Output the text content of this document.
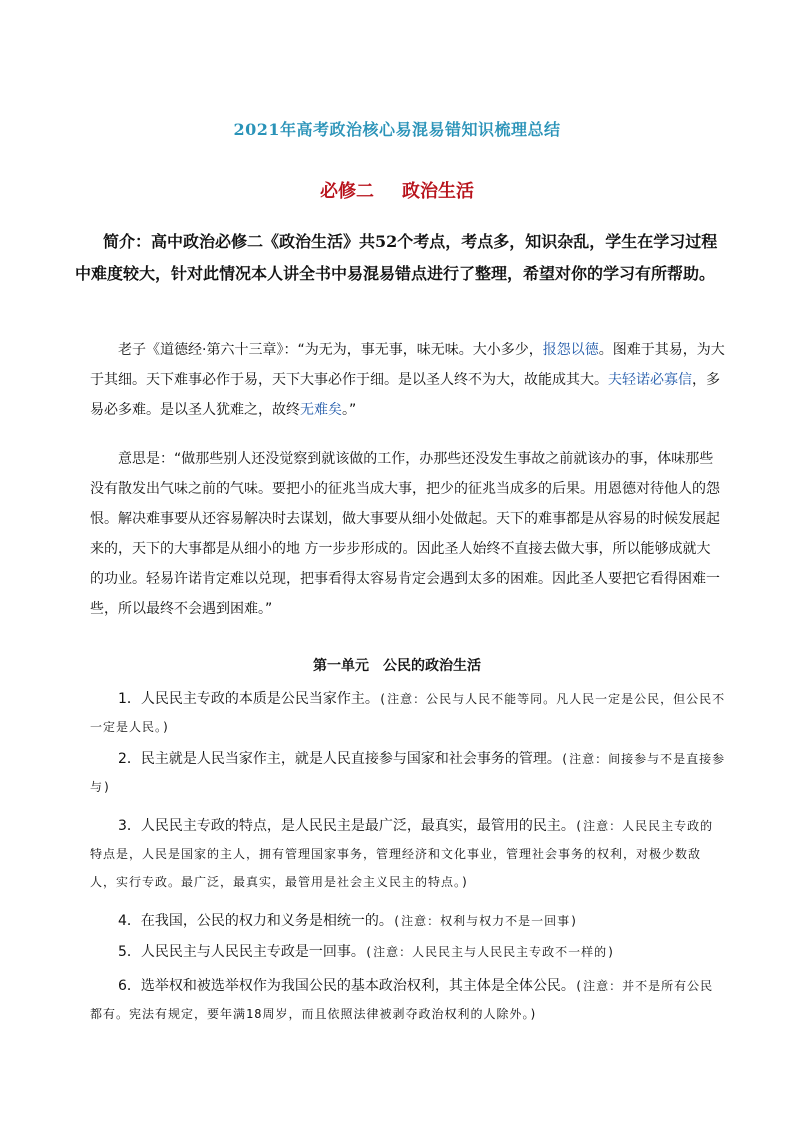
2021年高考政治核心易混易错知识梳理总结
必修二 政治生活
简介：高中政治必修二《政治生活》共52个考点，考点多，知识杂乱，学生在学习过程
中难度较大，针对此情况本人讲全书中易混易错点进行了整理，希望对你的学习有所帮助。
老子《道德经·第六十三章》：“为无为，事无事，味无味。大小多少，报怨以德。图难于其易，为大于其细。天下难事必作于易，天下大事必作于细。是以圣人终不为大，故能成其大。夫轻诺必寡信，多易必多难。是以圣人犹难之，故终无难矣。”
意思是：“做那些别人还没觉察到就该做的工作，办那些还没发生事故之前就该办的事，体味那些没有散发出气味之前的气味。要把小的征兆当成大事，把少的征兆当成多的后果。用恩德对待他人的怨恨。解决难事要从还容易解决时去谋划，做大事要从细小处做起。天下的难事都是从容易的时候发展起来的，天下的大事都是从细小的地 方一步步形成的。因此圣人始终不直接去做大事，所以能够成就大 的功业。轻易许诺肯定难以兑现，把事看得太容易肯定会遇到太多的困难。因此圣人要把它看得困难一些，所以最终不会遇到困难。”
第一单元　公民的政治生活
1．人民民主专政的本质是公民当家作主。(注意：公民与人民不能等同。凡人民一定是公民，但公民不一定是人民。)
2．民主就是人民当家作主，就是人民直接参与国家和社会事务的管理。(注意：间接参与不是直接参与)
3．人民民主专政的特点，是人民民主是最广泛，最真实，最管用的民主。(注意：人民民主专政的特点是，人民是国家的主人，拥有管理国家事务，管理经济和文化事业，管理社会事务的权利，对极少数敌人，实行专政。最广泛，最真实，最管用是社会主义民主的特点。)
4．在我国，公民的权力和义务是相统一的。(注意：权利与权力不是一回事)
5．人民民主与人民民主专政是一回事。(注意：人民民主与人民民主专政不一样的)
6．选举权和被选举权作为我国公民的基本政治权利，其主体是全体公民。(注意：并不是所有公民都有。宪法有规定，要年满18周岁，而且依照法律被剥夺政治权利的人除外。)
